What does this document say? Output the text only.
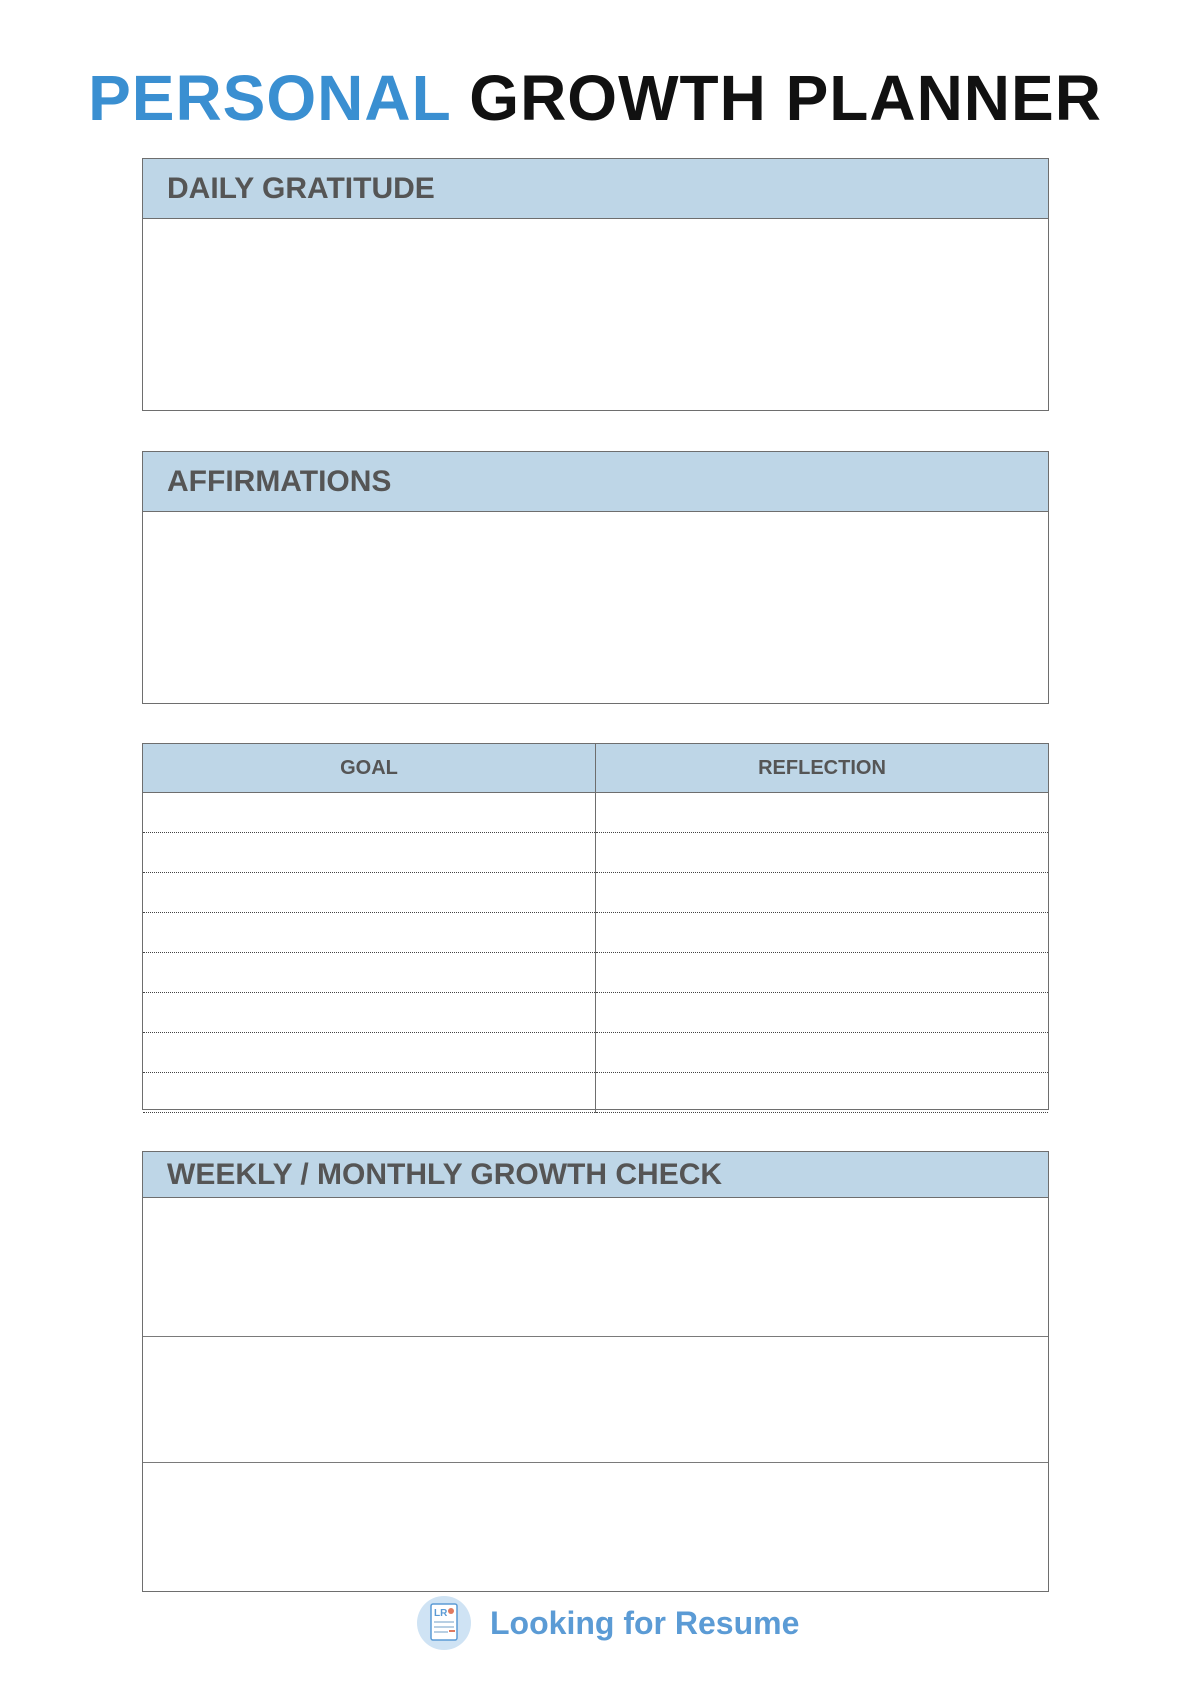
PERSONAL GROWTH PLANNER
DAILY GRATITUDE
AFFIRMATIONS
GOAL	REFLECTION

WEEKLY / MONTHLY GROWTH CHECK
LR Looking for Resume
